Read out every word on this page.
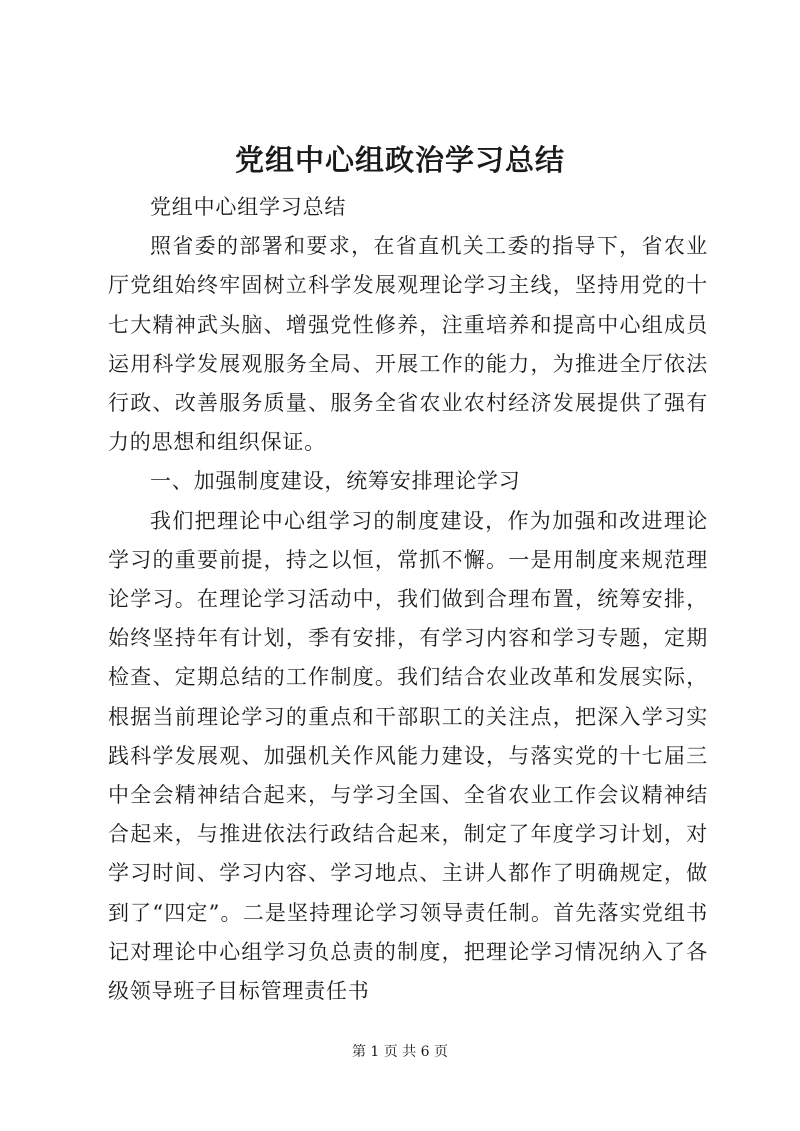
党组中心组政治学习总结

党组中心组学习总结

照省委的部署和要求，在省直机关工委的指导下，省农业厅党组始终牢固树立科学发展观理论学习主线，坚持用党的十七大精神武头脑、增强党性修养，注重培养和提高中心组成员运用科学发展观服务全局、开展工作的能力，为推进全厅依法行政、改善服务质量、服务全省农业农村经济发展提供了强有力的思想和组织保证。

一、加强制度建设，统筹安排理论学习

我们把理论中心组学习的制度建设，作为加强和改进理论学习的重要前提，持之以恒，常抓不懈。一是用制度来规范理论学习。在理论学习活动中，我们做到合理布置，统筹安排，始终坚持年有计划，季有安排，有学习内容和学习专题，定期检查、定期总结的工作制度。我们结合农业改革和发展实际，根据当前理论学习的重点和干部职工的关注点，把深入学习实践科学发展观、加强机关作风能力建设，与落实党的十七届三中全会精神结合起来，与学习全国、全省农业工作会议精神结合起来，与推进依法行政结合起来，制定了年度学习计划，对学习时间、学习内容、学习地点、主讲人都作了明确规定，做到了“四定”。二是坚持理论学习领导责任制。首先落实党组书记对理论中心组学习负总责的制度，把理论学习情况纳入了各级领导班子目标管理责任书

第 1 页 共 6 页
